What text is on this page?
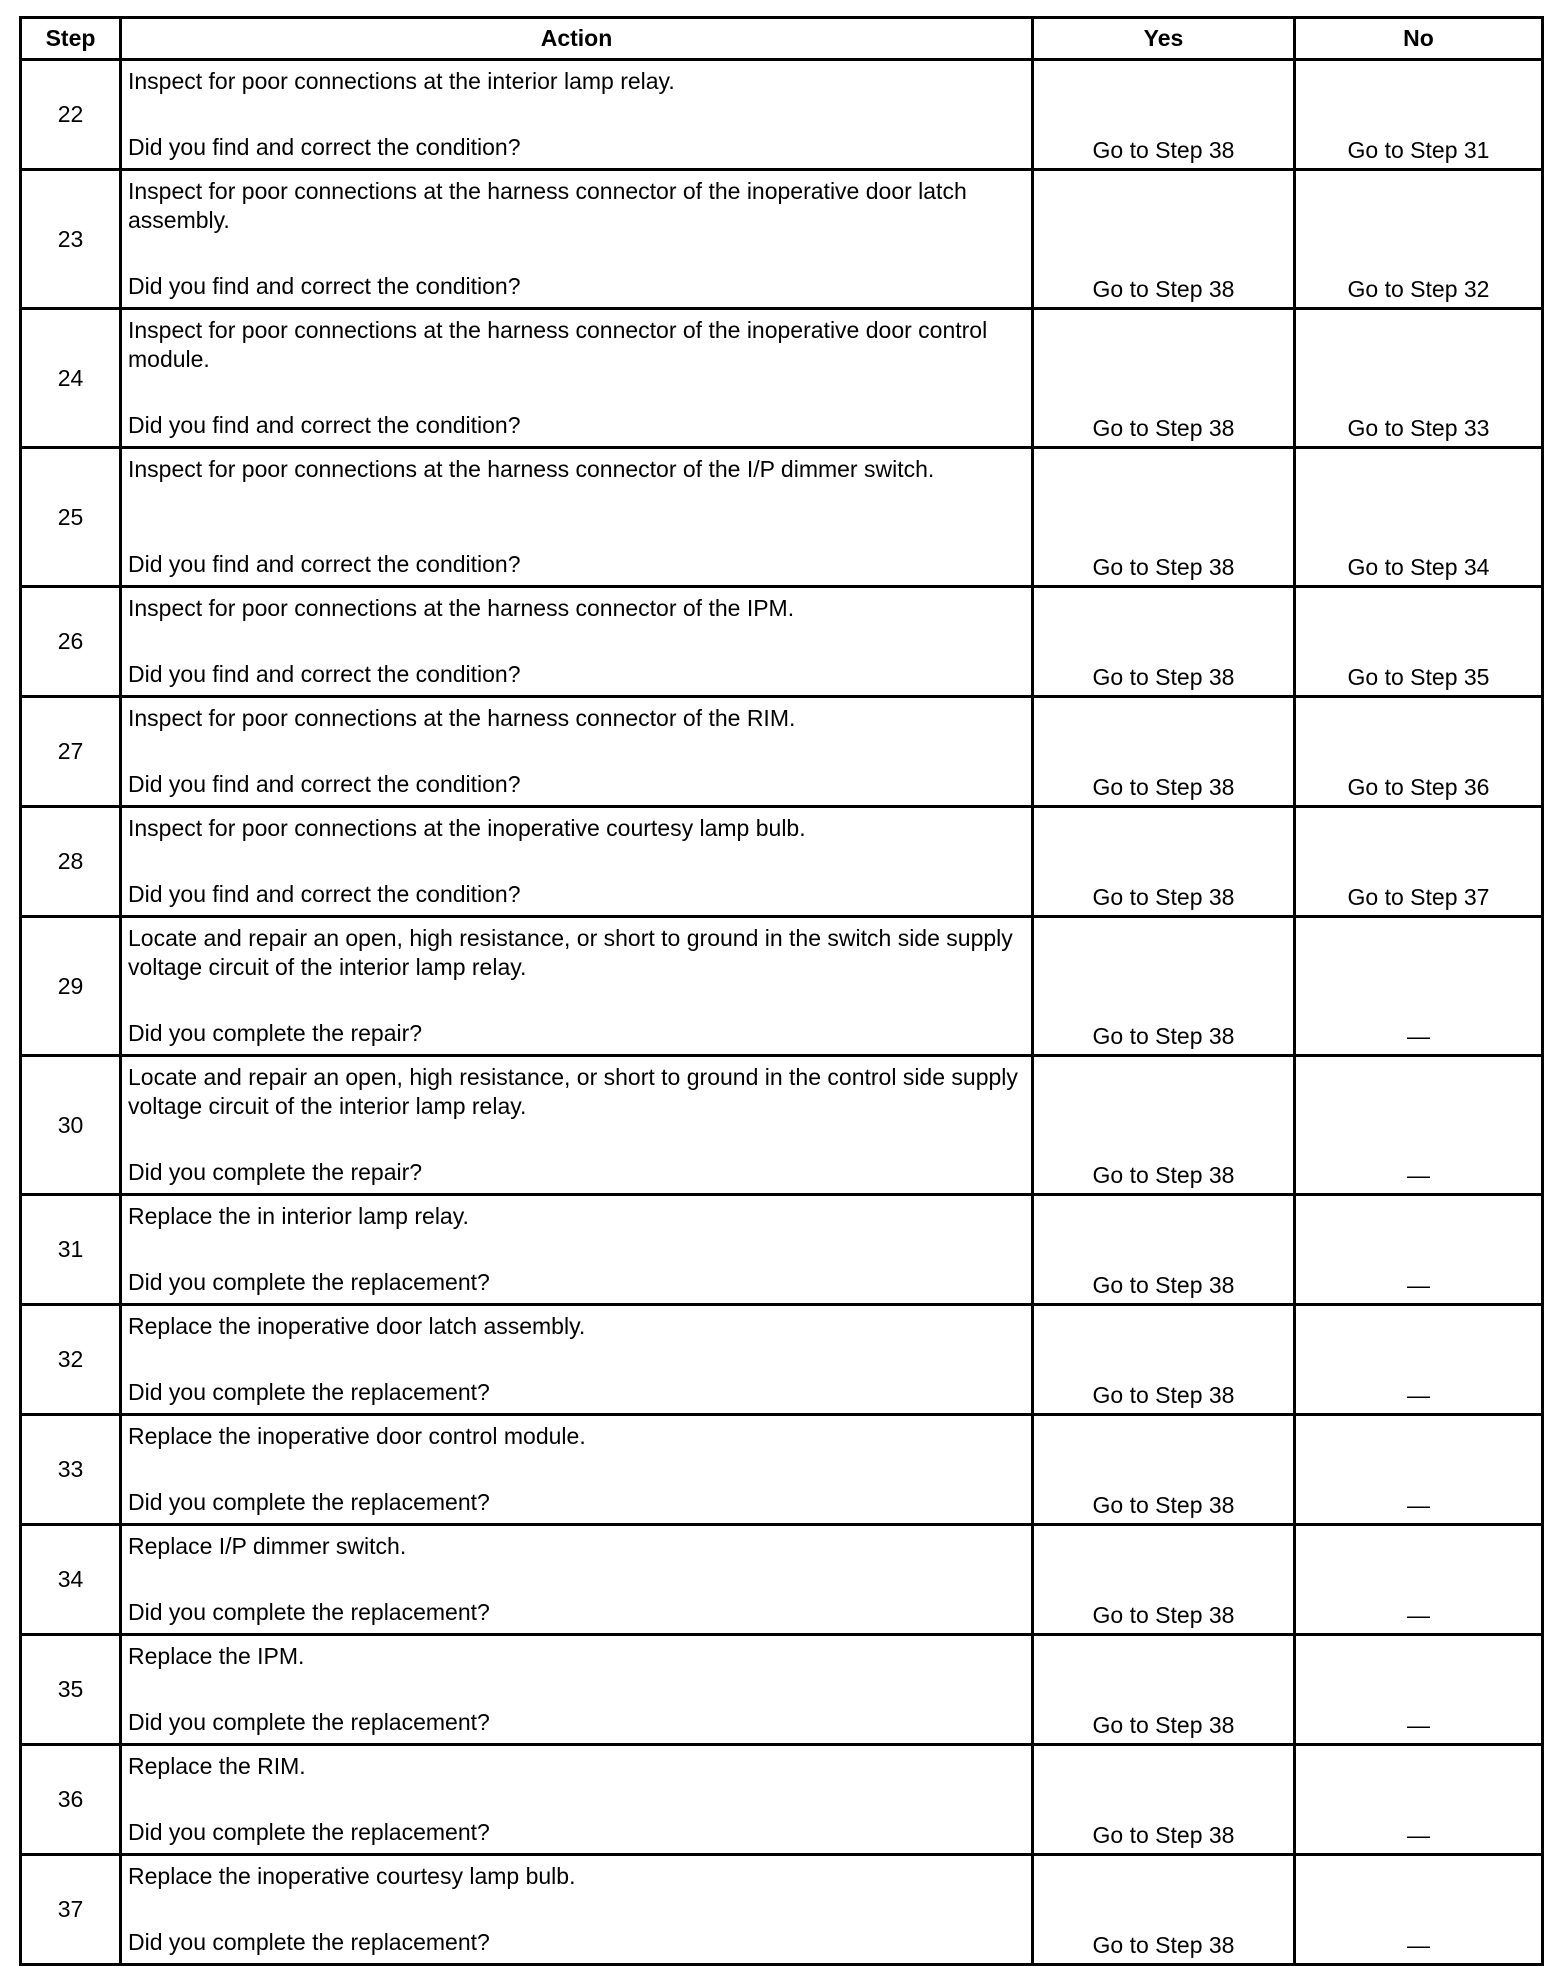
Step	Action	Yes	No
22	Inspect for poor connections at the interior lamp relay.
Did you find and correct the condition?	Go to Step 38	Go to Step 31
23	Inspect for poor connections at the harness connector of the inoperative door latch assembly.
Did you find and correct the condition?	Go to Step 38	Go to Step 32
24	Inspect for poor connections at the harness connector of the inoperative door control module.
Did you find and correct the condition?	Go to Step 38	Go to Step 33
25	Inspect for poor connections at the harness connector of the I/P dimmer switch.
Did you find and correct the condition?	Go to Step 38	Go to Step 34
26	Inspect for poor connections at the harness connector of the IPM.
Did you find and correct the condition?	Go to Step 38	Go to Step 35
27	Inspect for poor connections at the harness connector of the RIM.
Did you find and correct the condition?	Go to Step 38	Go to Step 36
28	Inspect for poor connections at the inoperative courtesy lamp bulb.
Did you find and correct the condition?	Go to Step 38	Go to Step 37
29	Locate and repair an open, high resistance, or short to ground in the switch side supply voltage circuit of the interior lamp relay.
Did you complete the repair?	Go to Step 38	—
30	Locate and repair an open, high resistance, or short to ground in the control side supply voltage circuit of the interior lamp relay.
Did you complete the repair?	Go to Step 38	—
31	Replace the in interior lamp relay.
Did you complete the replacement?	Go to Step 38	—
32	Replace the inoperative door latch assembly.
Did you complete the replacement?	Go to Step 38	—
33	Replace the inoperative door control module.
Did you complete the replacement?	Go to Step 38	—
34	Replace I/P dimmer switch.
Did you complete the replacement?	Go to Step 38	—
35	Replace the IPM.
Did you complete the replacement?	Go to Step 38	—
36	Replace the RIM.
Did you complete the replacement?	Go to Step 38	—
37	Replace the inoperative courtesy lamp bulb.
Did you complete the replacement?	Go to Step 38	—
